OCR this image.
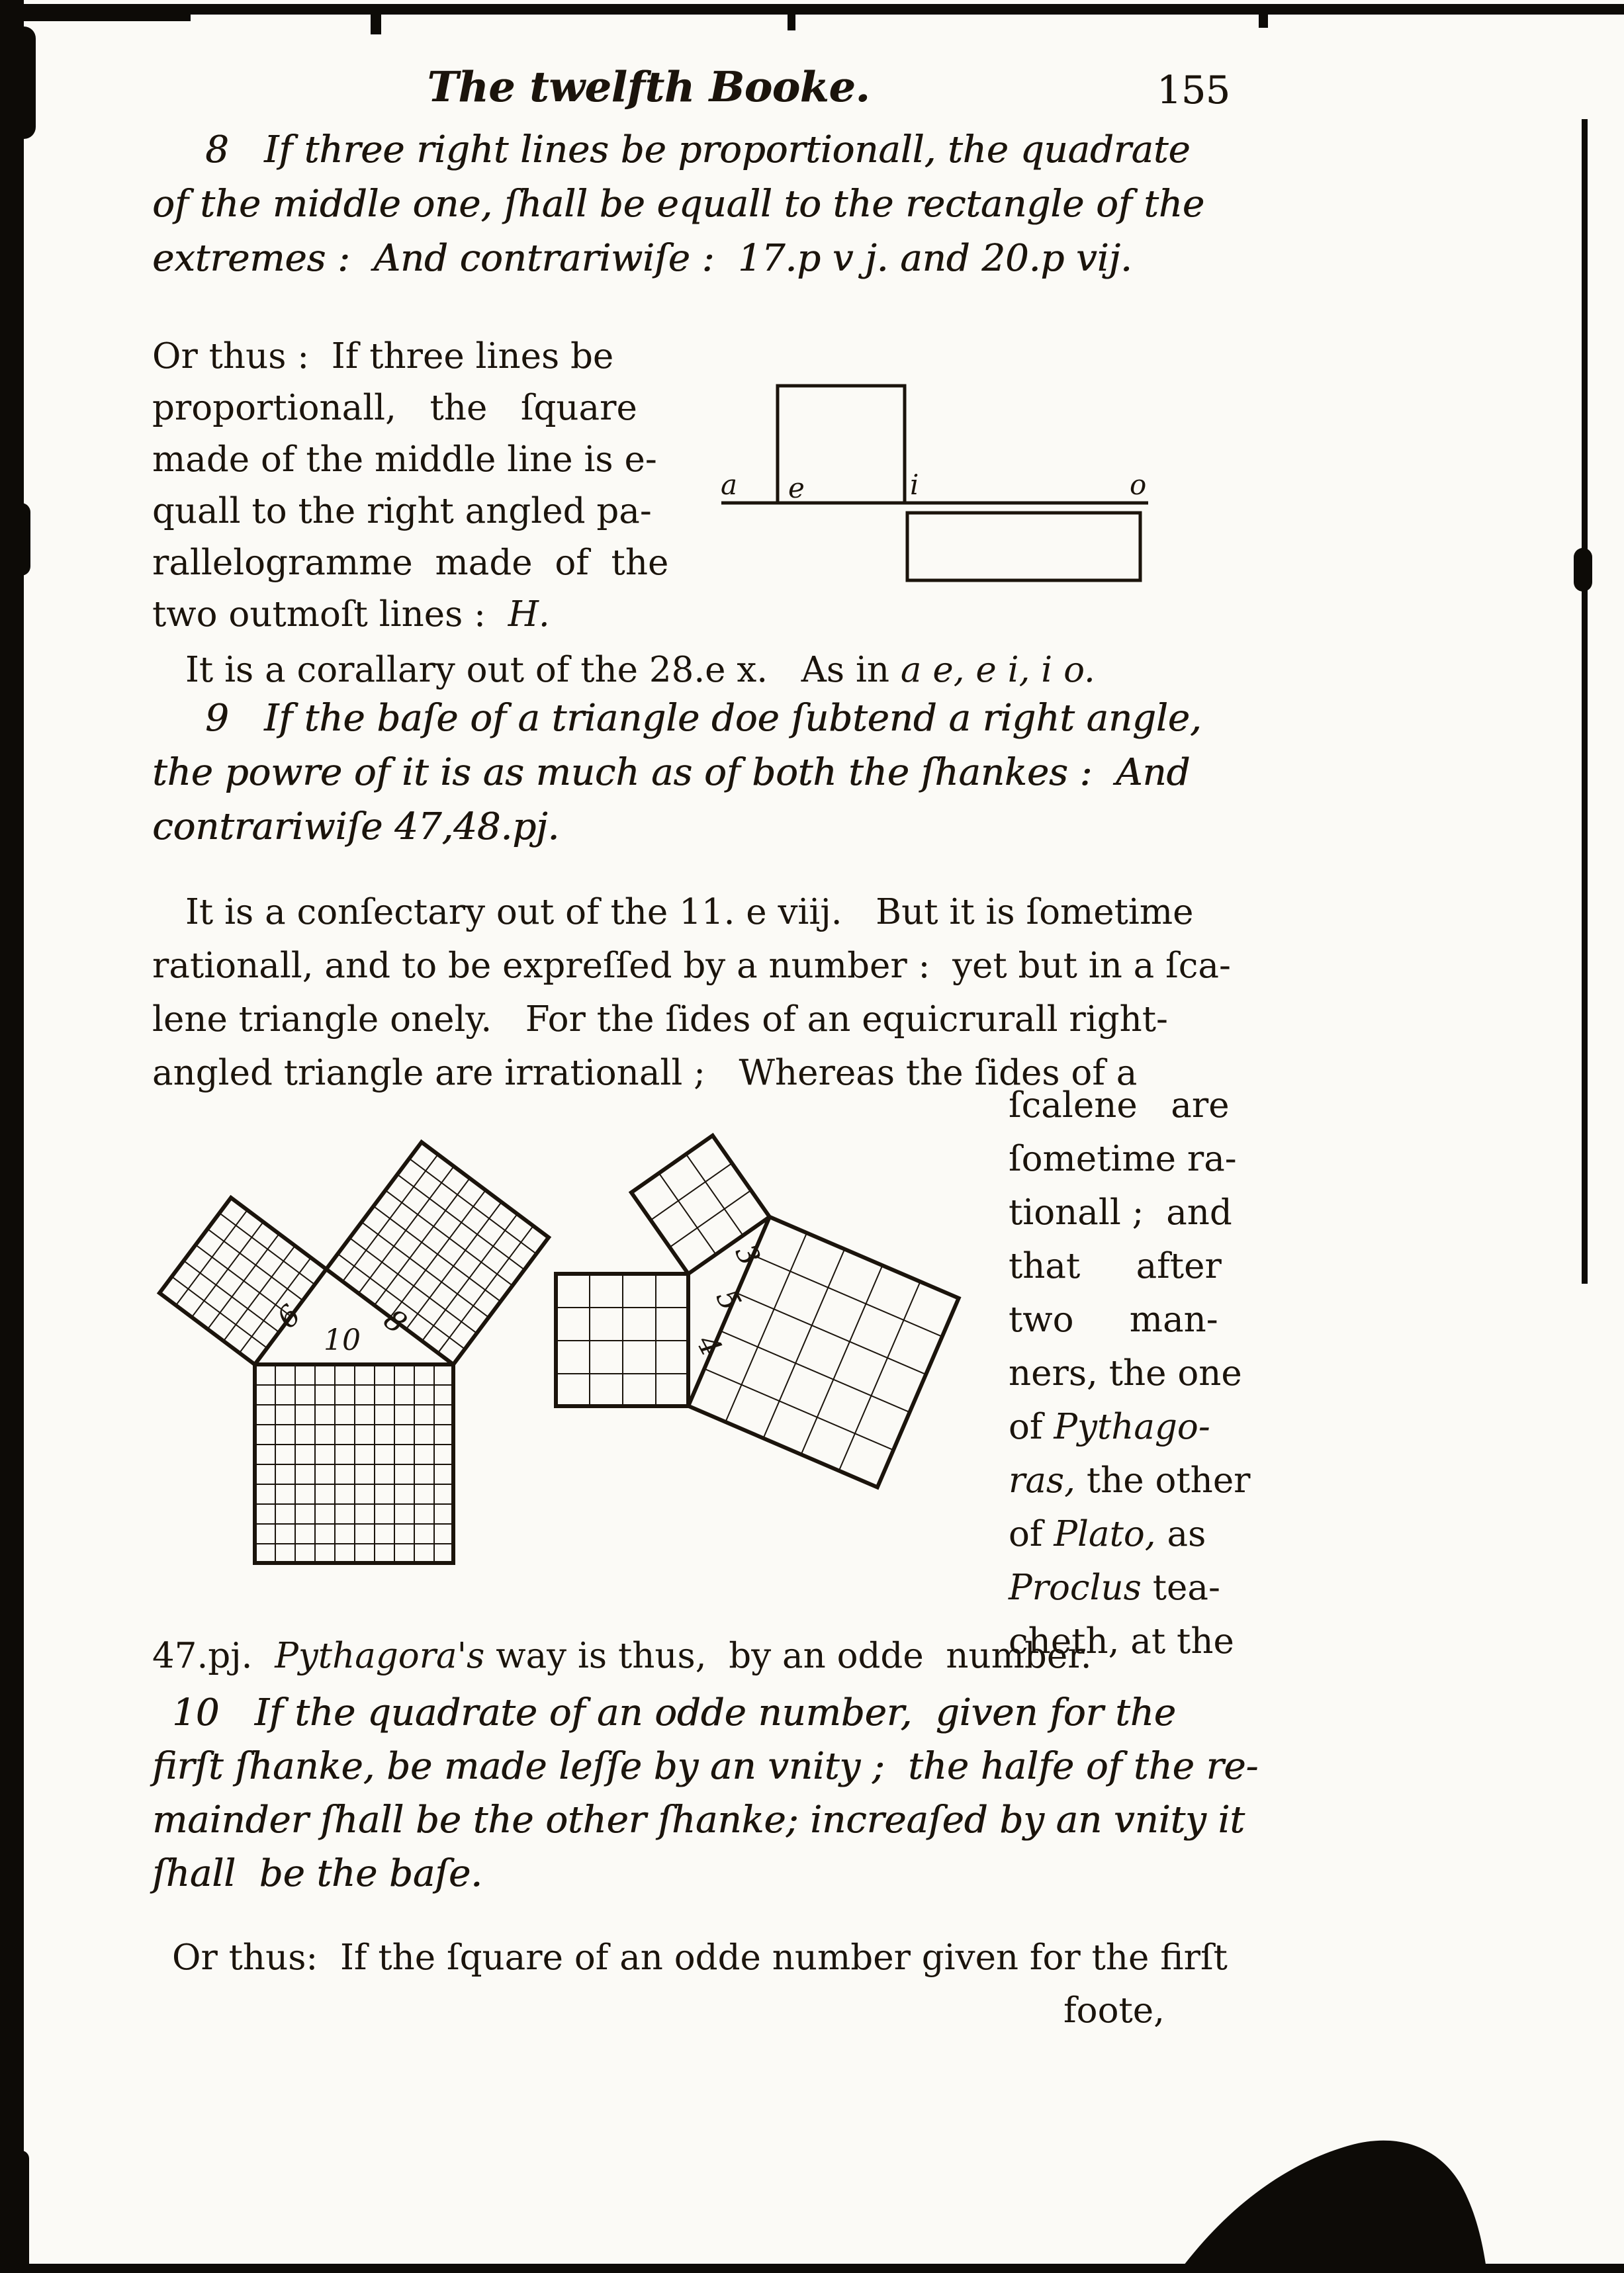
The twelfth Booke.	155
8   If three right lines be proportionall, the quadrate
of the middle one, ſhall be equall to the rectangle of the
extremes :  And contrariwiſe :  17.p v j. and 20.p vij.
Or thus :  If three lines be
proportionall,   the   ſquare
made of the middle line is e-
quall to the right angled pa-
rallelogramme  made  of  the
two outmoſt lines :  H.
a e	i	o
It is a corallary out of the 28.e x.   As in a e, e i, i o.
9   If the baſe of a triangle doe ſubtend a right angle,
the powre of it is as much as of both the ſhankes :  And
contrariwiſe 47,48.pj.
It is a conſectary out of the 11. e viij.   But it is ſometime
rationall, and to be expreſſed by a number :  yet but in a ſca-
lene triangle onely.   For the ſides of an equicrurall right-
angled triangle are irrationall ;   Whereas the ſides of a
ſcalene   are
ſometime ra-
tionall ;  and
that     after
two     man-
ners, the one
of Pythago-
ras, the other
of Plato, as
Proclus tea-
cheth, at the
6
10 8
3
5
4
47.pj.  Pythagora's way is thus,  by an odde  number.
10   If the quadrate of an odde number,  given for the
firſt ſhanke, be made leſſe by an vnity ;  the halfe of the re-
mainder ſhall be the other ſhanke; increaſed by an vnity it
ſhall  be the baſe.
Or thus:  If the ſquare of an odde number given for the firſt
foote,
